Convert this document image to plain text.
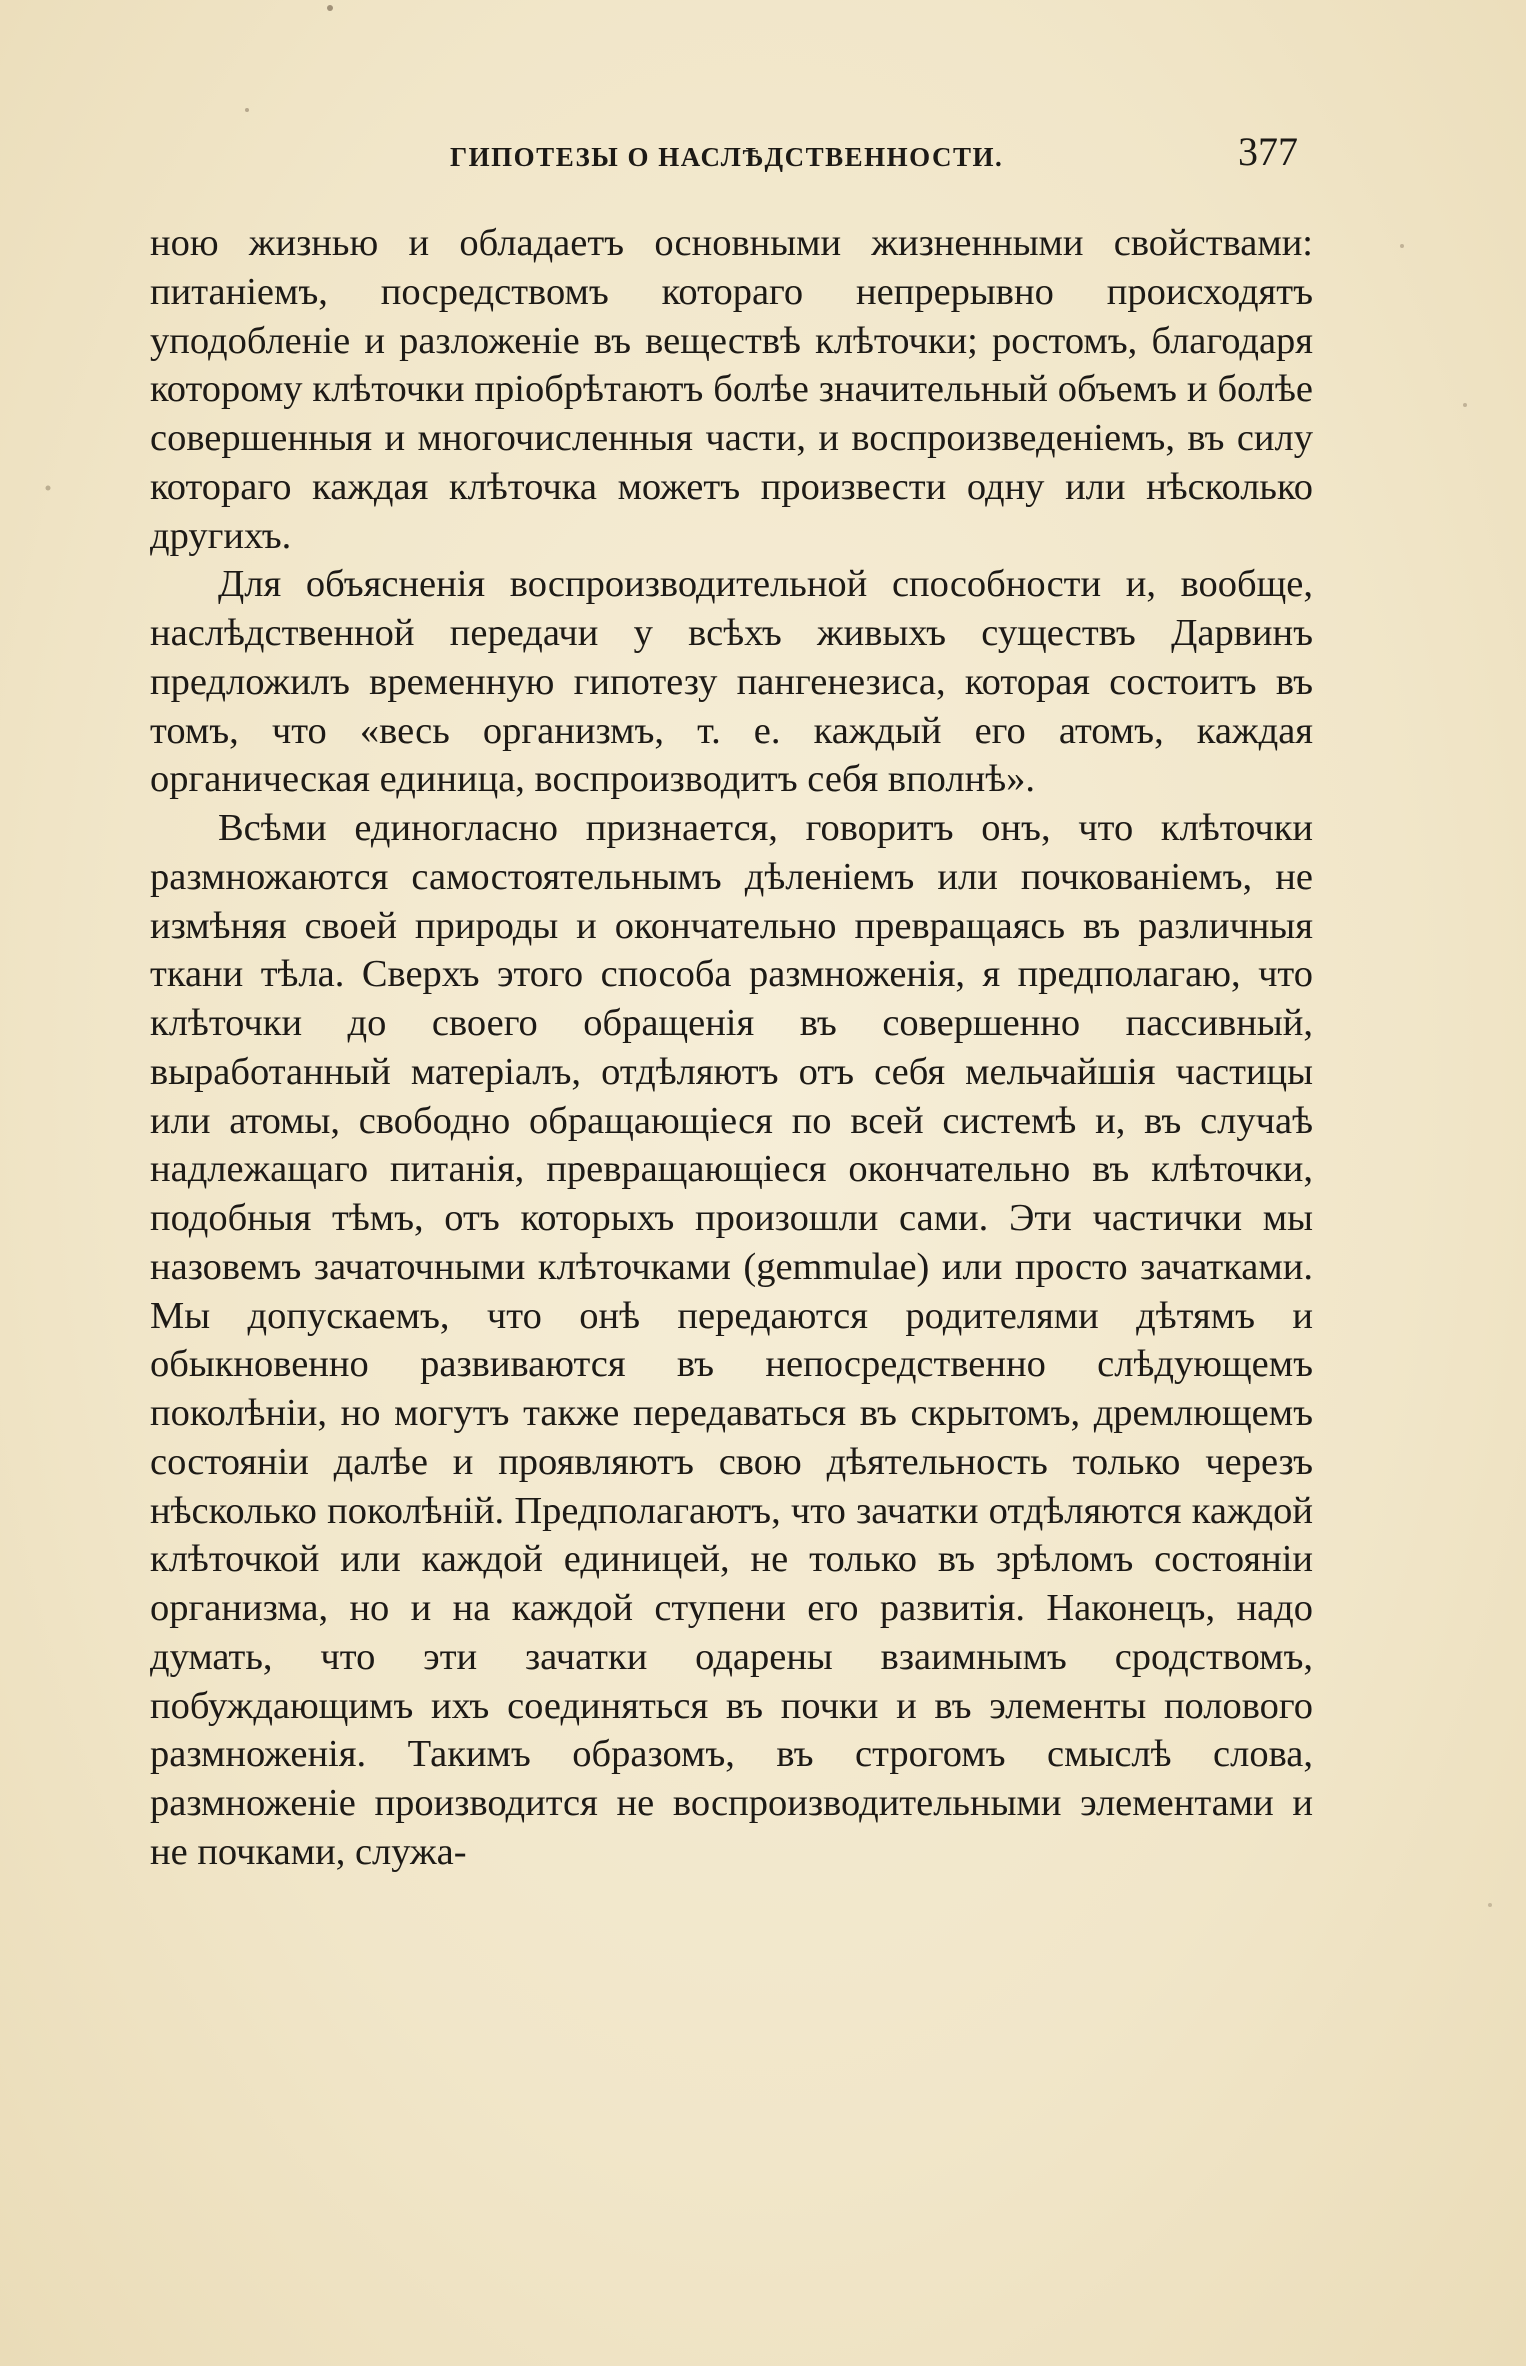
ГИПОТЕЗЫ О НАСЛѢДСТВЕННОСТИ.	377

ною жизнью и обладаетъ основными жизненными свойствами: питаніемъ, посредствомъ котораго непрерывно происходятъ уподобленіе и разложеніе въ веществѣ клѣточки; ростомъ, благодаря которому клѣточки пріобрѣтаютъ болѣе значительный объемъ и болѣе совершенныя и многочисленныя части, и воспроизведеніемъ, въ силу котораго каждая клѣточка можетъ произвести одну или нѣсколько другихъ.

Для объясненія воспроизводительной способности и, вообще, наслѣдственной передачи у всѣхъ живыхъ существъ Дарвинъ предложилъ временную гипотезу пангенезиса, которая состоитъ въ томъ, что «весь организмъ, т. е. каждый его атомъ, каждая органическая единица, воспроизводитъ себя вполнѣ».

Всѣми единогласно признается, говоритъ онъ, что клѣточки размножаются самостоятельнымъ дѣленіемъ или почкованіемъ, не измѣняя своей природы и окончательно превращаясь въ различныя ткани тѣла. Сверхъ этого способа размноженія, я предполагаю, что клѣточки до своего обращенія въ совершенно пассивный, выработанный матеріалъ, отдѣляютъ отъ себя мельчайшія частицы или атомы, свободно обращающіеся по всей системѣ и, въ случаѣ надлежащаго питанія, превращающіеся окончательно въ клѣточки, подобныя тѣмъ, отъ которыхъ произошли сами. Эти частички мы назовемъ зачаточными клѣточками (gemmulae) или просто зачатками. Мы допускаемъ, что онѣ передаются родителями дѣтямъ и обыкновенно развиваются въ непосредственно слѣдующемъ поколѣніи, но могутъ также передаваться въ скрытомъ, дремлющемъ состояніи далѣе и проявляютъ свою дѣятельность только черезъ нѣсколько поколѣній. Предполагаютъ, что зачатки отдѣляются каждой клѣточкой или каждой единицей, не только въ зрѣломъ состояніи организма, но и на каждой ступени его развитія. Наконецъ, надо думать, что эти зачатки одарены взаимнымъ сродствомъ, побуждающимъ ихъ соединяться въ почки и въ элементы полового размноженія. Такимъ образомъ, въ строгомъ смыслѣ слова, размноженіе производится не воспроизводительными элементами и не почками, служа-
